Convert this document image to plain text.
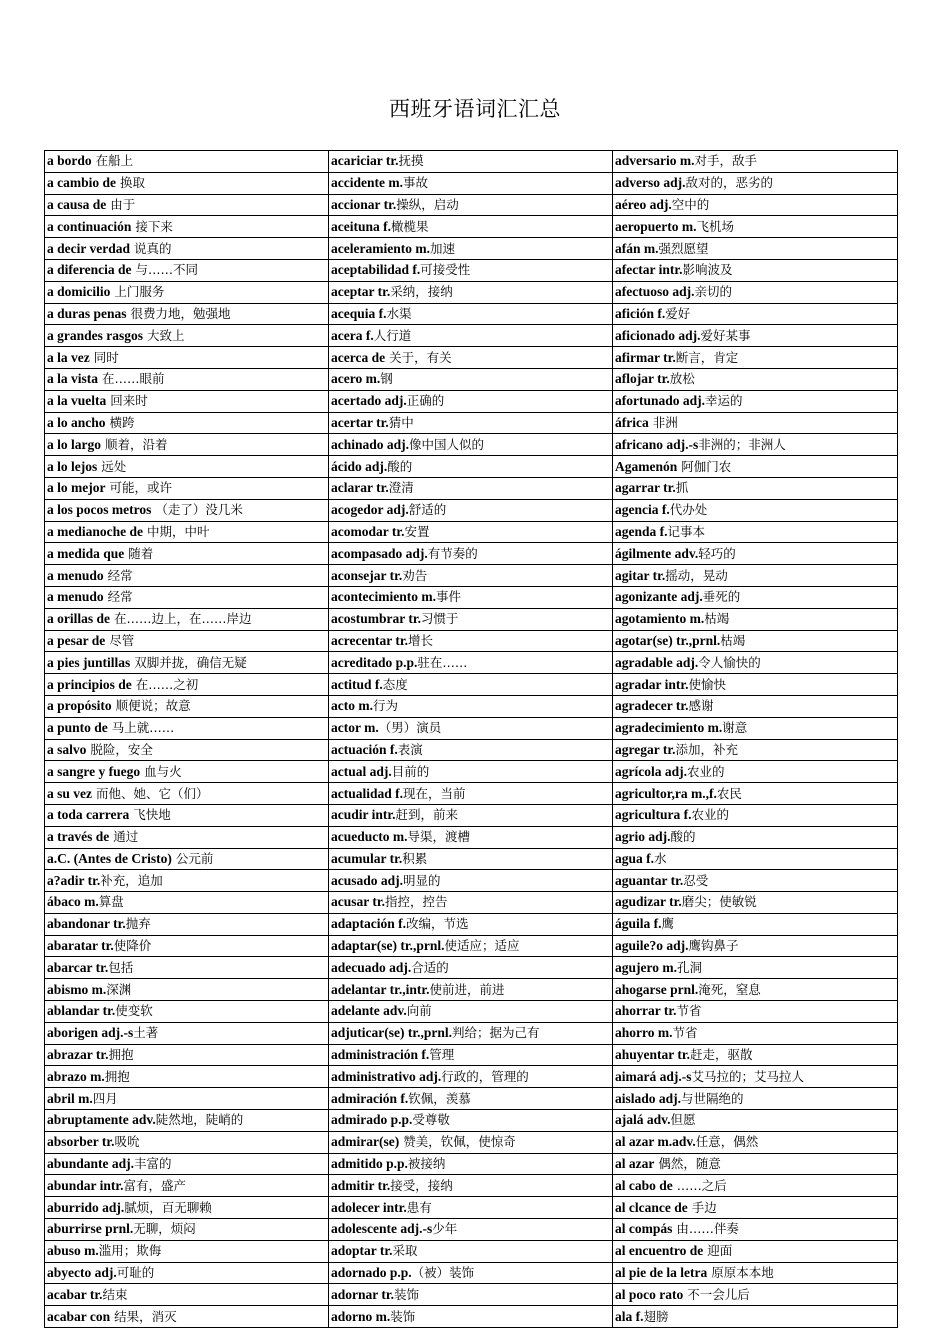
西班牙语词汇汇总
a bordo 在船上	acariciar tr.抚摸	adversario m.对手，敌手
a cambio de 换取	accidente m.事故	adverso adj.敌对的，恶劣的
a causa de 由于	accionar tr.操纵，启动	aéreo adj.空中的
a continuación 接下来	aceituna f.橄榄果	aeropuerto m.飞机场
a decir verdad 说真的	aceleramiento m.加速	afán m.强烈愿望
a diferencia de 与……不同	aceptabilidad f.可接受性	afectar intr.影响波及
a domicilio 上门服务	aceptar tr.采纳，接纳	afectuoso adj.亲切的
a duras penas 很费力地，勉强地	acequia f.水渠	afición f.爱好
a grandes rasgos 大致上	acera f.人行道	aficionado adj.爱好某事
a la vez 同时	acerca de 关于，有关	afirmar tr.断言，肯定
a la vista 在……眼前	acero m.钢	aflojar tr.放松
a la vuelta 回来时	acertado adj.正确的	afortunado adj.幸运的
a lo ancho 横跨	acertar tr.猜中	áfrica 非洲
a lo largo 顺着，沿着	achinado adj.像中国人似的	africano adj.-s非洲的；非洲人
a lo lejos 远处	ácido adj.酸的	Agamenón 阿伽门农
a lo mejor 可能，或许	aclarar tr.澄清	agarrar tr.抓
a los pocos metros （走了）没几米	acogedor adj.舒适的	agencia f.代办处
a medianoche de 中期，中叶	acomodar tr.安置	agenda f.记事本
a medida que 随着	acompasado adj.有节奏的	ágilmente adv.轻巧的
a menudo 经常	aconsejar tr.劝告	agitar tr.摇动，晃动
a menudo 经常	acontecimiento m.事件	agonizante adj.垂死的
a orillas de 在……边上，在……岸边	acostumbrar tr.习惯于	agotamiento m.枯竭
a pesar de 尽管	acrecentar tr.增长	agotar(se) tr.,prnl.枯竭
a pies juntillas 双脚并拢，确信无疑	acreditado p.p.驻在……	agradable adj.令人愉快的
a principios de 在……之初	actitud f.态度	agradar intr.使愉快
a propósito 顺便说；故意	acto m.行为	agradecer tr.感谢
a punto de 马上就……	actor m.（男）演员	agradecimiento m.谢意
a salvo 脱险，安全	actuación f.表演	agregar tr.添加，补充
a sangre y fuego 血与火	actual adj.目前的	agrícola adj.农业的
a su vez 而他、她、它（们）	actualidad f.现在，当前	agricultor,ra m.,f.农民
a toda carrera 飞快地	acudir intr.赶到，前来	agricultura f.农业的
a través de 通过	acueducto m.导渠，渡槽	agrio adj.酸的
a.C. (Antes de Cristo) 公元前	acumular tr.积累	agua f.水
a?adir tr.补充，追加	acusado adj.明显的	aguantar tr.忍受
ábaco m.算盘	acusar tr.指控，控告	agudizar tr.磨尖；使敏锐
abandonar tr.抛弃	adaptación f.改编，节选	águila f.鹰
abaratar tr.使降价	adaptar(se) tr.,prnl.使适应；适应	aguile?o adj.鹰钩鼻子
abarcar tr.包括	adecuado adj.合适的	agujero m.孔洞
abismo m.深渊	adelantar tr.,intr.使前进，前进	ahogarse prnl.淹死，窒息
ablandar tr.使变软	adelante adv.向前	ahorrar tr.节省
aborigen adj.-s土著	adjuticar(se) tr.,prnl.判给；据为己有	ahorro m.节省
abrazar tr.拥抱	administración f.管理	ahuyentar tr.赶走，驱散
abrazo m.拥抱	administrativo adj.行政的，管理的	aimará adj.-s艾马拉的；艾马拉人
abril m.四月	admiración f.钦佩，羡慕	aislado adj.与世隔绝的
abruptamente adv.陡然地，陡峭的	admirado p.p.受尊敬	ajalá adv.但愿
absorber tr.吸吮	admirar(se) 赞美，钦佩，使惊奇	al azar m.adv.任意，偶然
abundante adj.丰富的	admitido p.p.被接纳	al azar 偶然，随意
abundar intr.富有，盛产	admitir tr.接受，接纳	al cabo de ……之后
aburrido adj.腻烦，百无聊赖	adolecer intr.患有	al clcance de 手边
aburrirse prnl.无聊，烦闷	adolescente adj.-s少年	al compás 由……伴奏
abuso m.滥用；欺侮	adoptar tr.采取	al encuentro de 迎面
abyecto adj.可耻的	adornado p.p.（被）装饰	al pie de la letra 原原本本地
acabar tr.结束	adornar tr.装饰	al poco rato 不一会儿后
acabar con 结果，消灭	adorno m.装饰	ala f.翅膀
